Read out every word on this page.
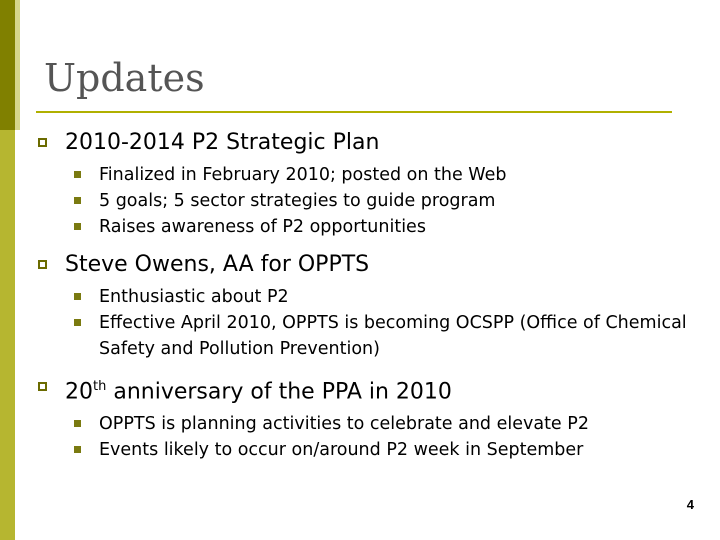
Updates
2010-2014 P2 Strategic Plan
Finalized in February 2010; posted on the Web
5 goals; 5 sector strategies to guide program
Raises awareness of P2 opportunities
Steve Owens, AA for OPPTS
Enthusiastic about P2
Effective April 2010, OPPTS is becoming OCSPP (Office of Chemical Safety and Pollution Prevention)
20th anniversary of the PPA in 2010
OPPTS is planning activities to celebrate and elevate P2
Events likely to occur on/around P2 week in September
4
